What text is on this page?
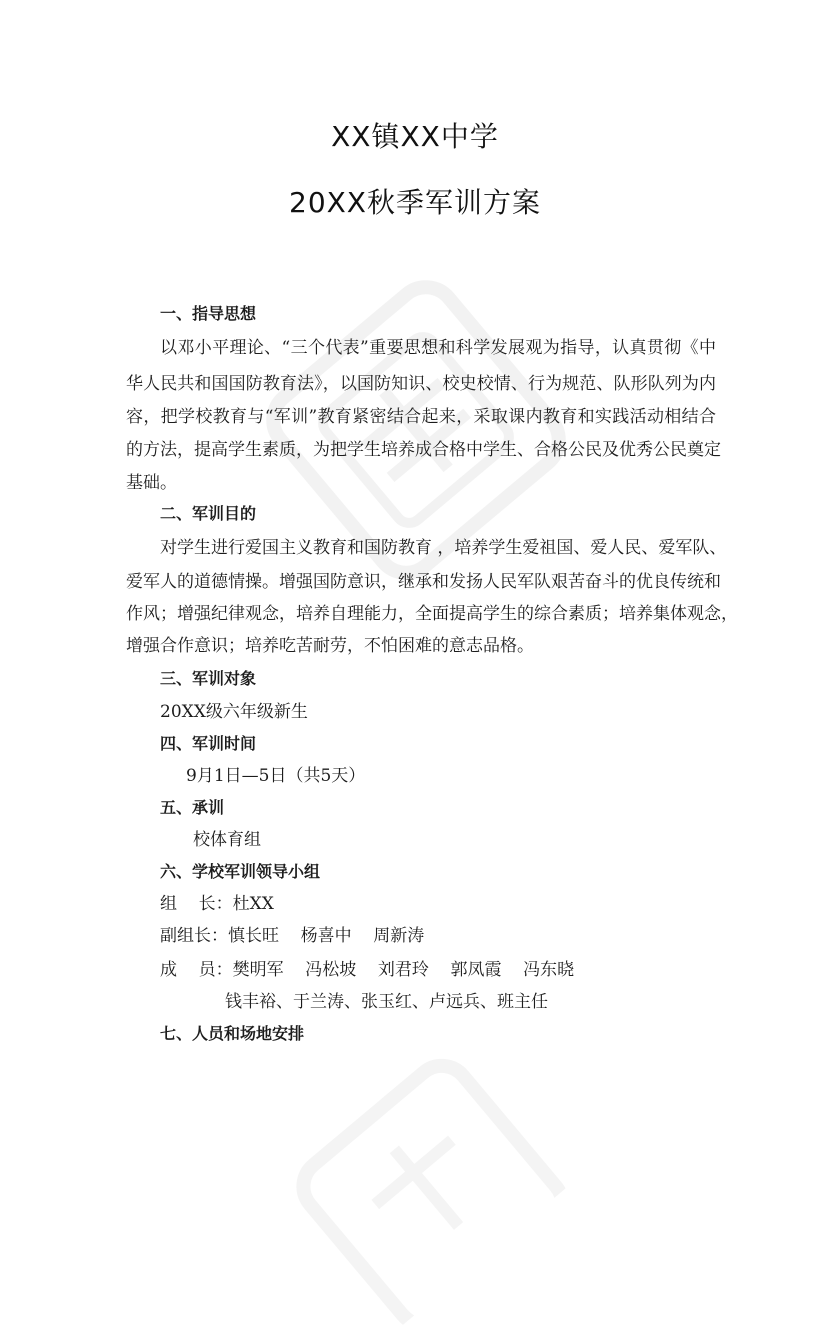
XX镇XX中学
20XX秋季军训方案
一、指导思想
以邓小平理论、“三个代表”重要思想和科学发展观为指导，认真贯彻《中
华人民共和国国防教育法》，以国防知识、校史校情、行为规范、队形队列为内
容，把学校教育与“军训”教育紧密结合起来，采取课内教育和实践活动相结合
的方法，提高学生素质，为把学生培养成合格中学生、合格公民及优秀公民奠定
基础。
二、军训目的
对学生进行爱国主义教育和国防教育 ，培养学生爱祖国、爱人民、爱军队、
爱军人的道德情操。增强国防意识，继承和发扬人民军队艰苦奋斗的优良传统和
作风；增强纪律观念，培养自理能力，全面提高学生的综合素质；培养集体观念，
增强合作意识；培养吃苦耐劳，不怕困难的意志品格。
三、军训对象
20XX级六年级新生
四、军训时间
9月1日—5日（共5天）
五、承训
校体育组
六、学校军训领导小组
组    长：杜XX
副组长：慎长旺    杨喜中    周新涛
成    员：樊明军    冯松坡    刘君玲    郭凤霞    冯东晓
钱丰裕、于兰涛、张玉红、卢远兵、班主任
七、人员和场地安排
